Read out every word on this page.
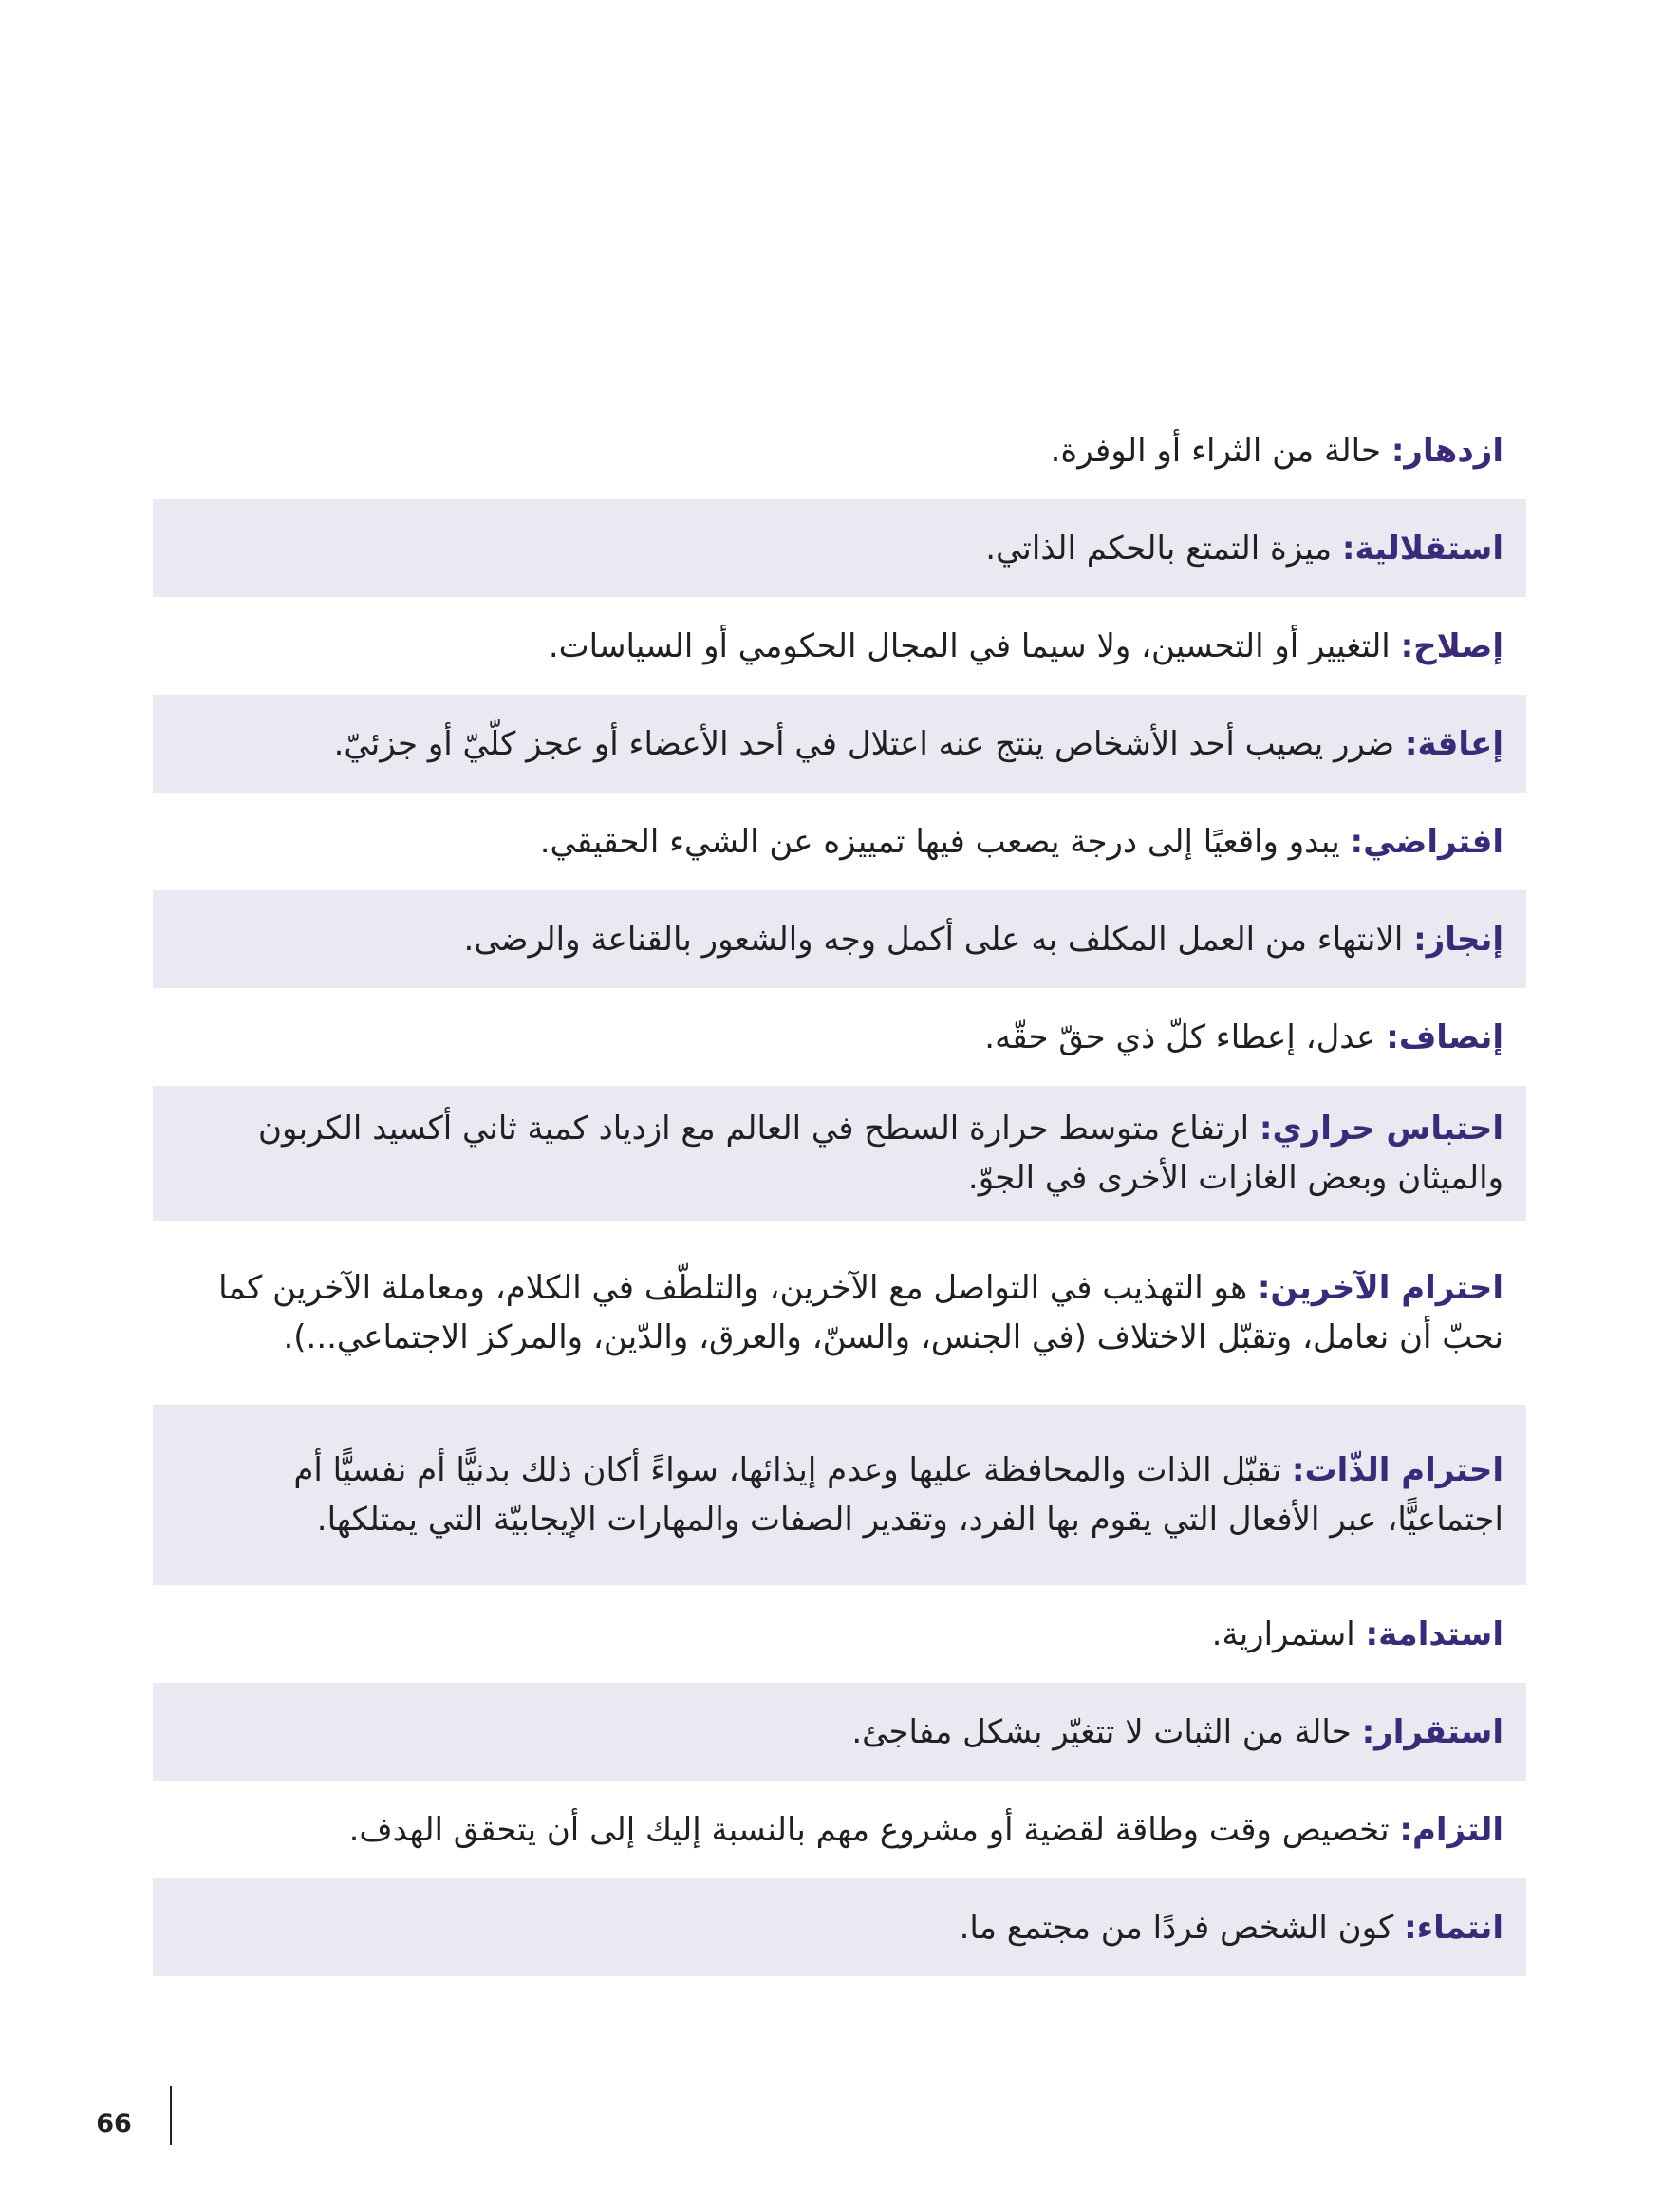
ازدهار: حالة من الثراء أو الوفرة.

استقلالية: ميزة التمتع بالحكم الذاتي.

إصلاح: التغيير أو التحسين، ولا سيما في المجال الحكومي أو السياسات.

إعاقة: ضرر يصيب أحد الأشخاص ينتج عنه اعتلال في أحد الأعضاء أو عجز كلّيّ أو جزئيّ.

افتراضي: يبدو واقعيًا إلى درجة يصعب فيها تمييزه عن الشيء الحقيقي.

إنجاز: الانتهاء من العمل المكلف به على أكمل وجه والشعور بالقناعة والرضى.

إنصاف: عدل، إعطاء كلّ ذي حقّ حقّه.

احتباس حراري: ارتفاع متوسط حرارة السطح في العالم مع ازدياد كمية ثاني أكسيد الكربون والميثان وبعض الغازات الأخرى في الجوّ.

احترام الآخرين: هو التهذيب في التواصل مع الآخرين، والتلطّف في الكلام، ومعاملة الآخرين كما نحبّ أن نعامل، وتقبّل الاختلاف (في الجنس، والسنّ، والعرق، والدّين، والمركز الاجتماعي...).

احترام الذّات: تقبّل الذات والمحافظة عليها وعدم إيذائها، سواءً أكان ذلك بدنيًّا أم نفسيًّا أم اجتماعيًّا، عبر الأفعال التي يقوم بها الفرد، وتقدير الصفات والمهارات الإيجابيّة التي يمتلكها.

استدامة: استمرارية.

استقرار: حالة من الثبات لا تتغيّر بشكل مفاجئ.

التزام: تخصيص وقت وطاقة لقضية أو مشروع مهم بالنسبة إليك إلى أن يتحقق الهدف.

انتماء: كون الشخص فردًا من مجتمع ما.

66
